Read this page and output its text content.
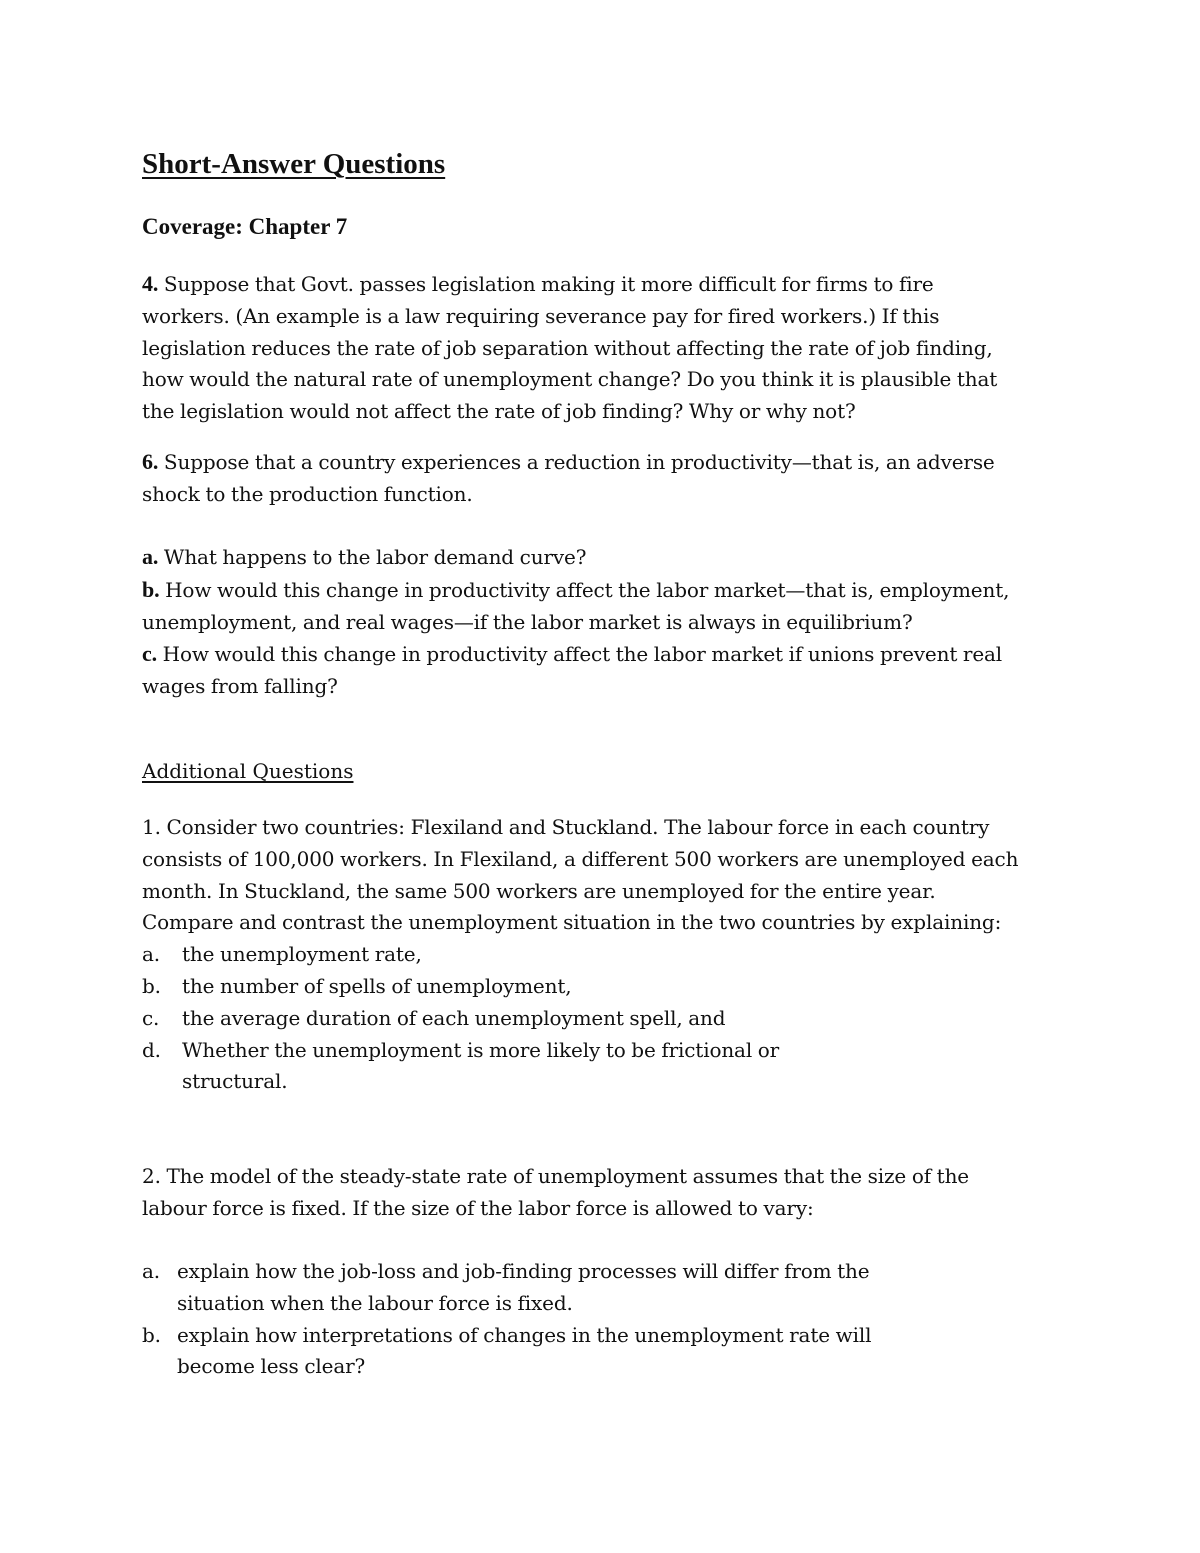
Short-Answer Questions

Coverage: Chapter 7

4. Suppose that Govt. passes legislation making it more difficult for firms to fire
workers. (An example is a law requiring severance pay for fired workers.) If this
legislation reduces the rate of job separation without affecting the rate of job finding,
how would the natural rate of unemployment change? Do you think it is plausible that
the legislation would not affect the rate of job finding? Why or why not?

6. Suppose that a country experiences a reduction in productivity—that is, an adverse
shock to the production function.

a. What happens to the labor demand curve?
b. How would this change in productivity affect the labor market—that is, employment,
unemployment, and real wages—if the labor market is always in equilibrium?
c. How would this change in productivity affect the labor market if unions prevent real
wages from falling?

Additional Questions

1. Consider two countries: Flexiland and Stuckland. The labour force in each country
consists of 100,000 workers. In Flexiland, a different 500 workers are unemployed each
month. In Stuckland, the same 500 workers are unemployed for the entire year.
Compare and contrast the unemployment situation in the two countries by explaining:

a.	the unemployment rate,
b.	the number of spells of unemployment,
c.	the average duration of each unemployment spell, and
d.	Whether the unemployment is more likely to be frictional or
structural.

2. The model of the steady-state rate of unemployment assumes that the size of the
labour force is fixed. If the size of the labor force is allowed to vary:

a. explain how the job-loss and job-finding processes will differ from the
situation when the labour force is fixed.
b. explain how interpretations of changes in the unemployment rate will
become less clear?
